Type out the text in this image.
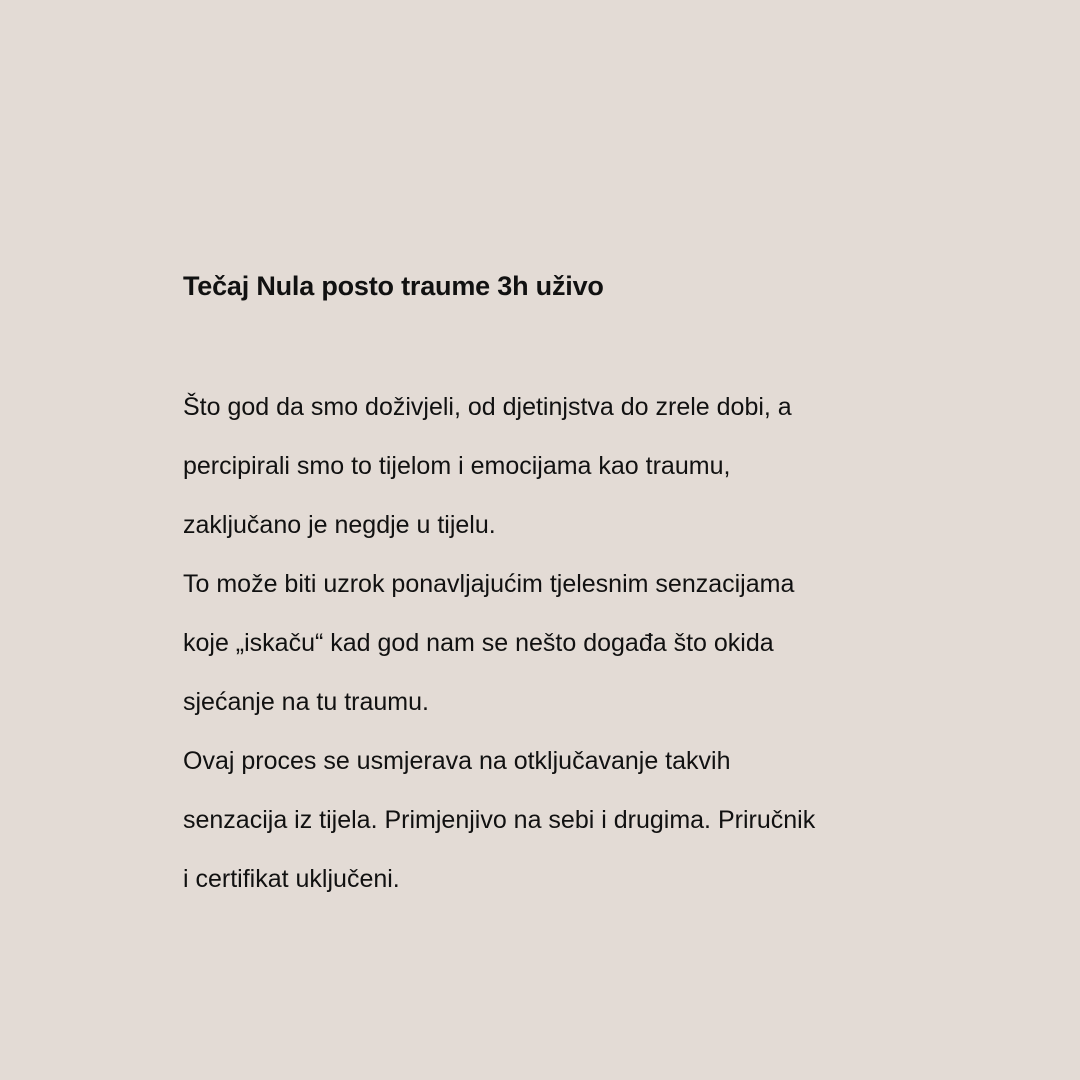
Tečaj Nula posto traume 3h uživo

Što god da smo doživjeli, od djetinjstva do zrele dobi, a
percipirali smo to tijelom i emocijama kao traumu,
zaključano je negdje u tijelu.
To može biti uzrok ponavljajućim tjelesnim senzacijama
koje „iskaču“ kad god nam se nešto događa što okida
sjećanje na tu traumu.
Ovaj proces se usmjerava na otključavanje takvih
senzacija iz tijela. Primjenjivo na sebi i drugima. Priručnik
i certifikat uključeni.
